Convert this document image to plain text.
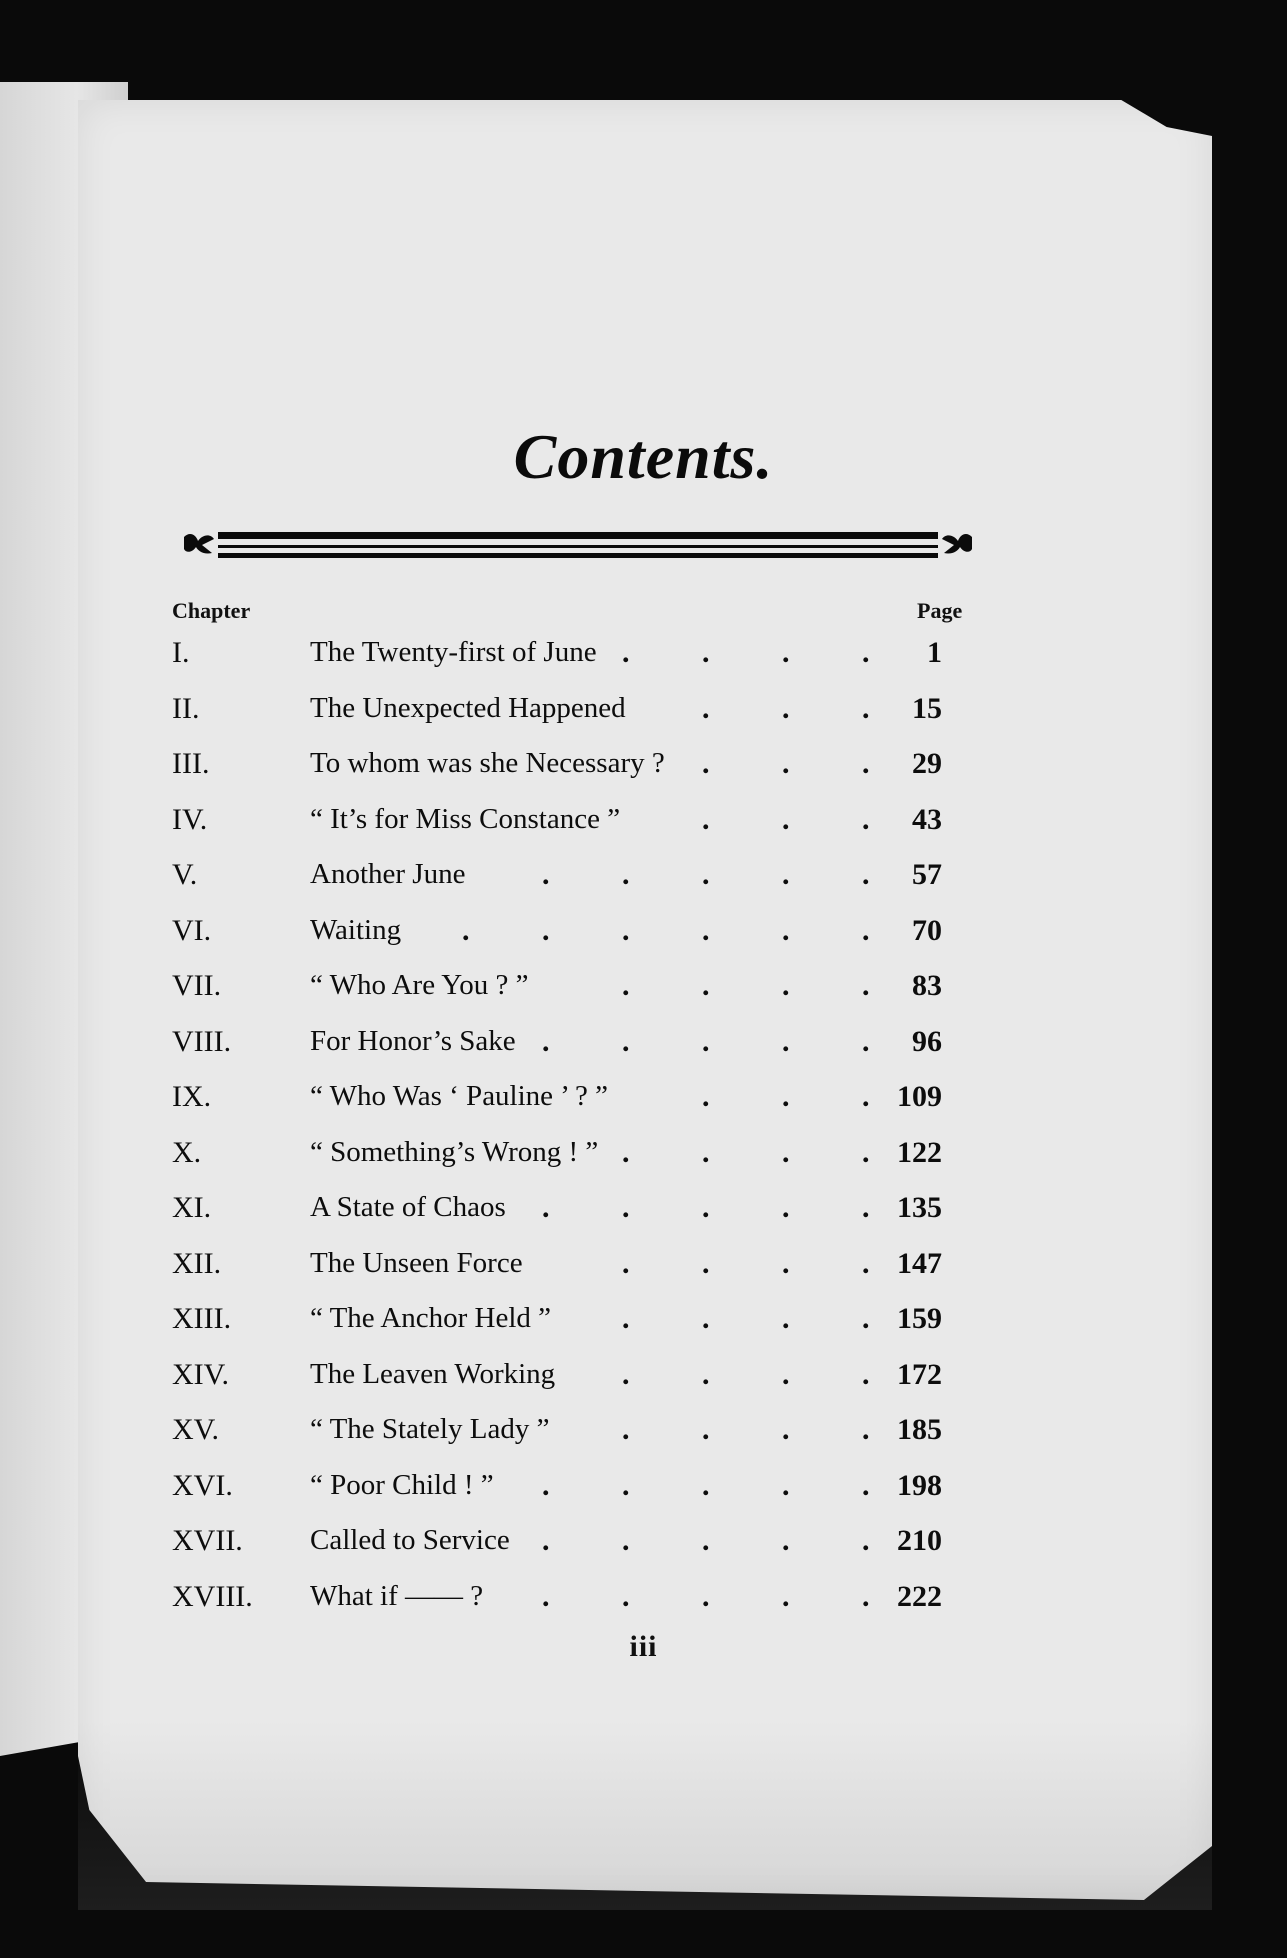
Contents.
Chapter	Page
I.	The Twenty-first of June . . . .	1
II.	The Unexpected Happened	. . .	15
III.	To whom was she Necessary ? . . .	29
IV.	“ It’s for Miss Constance ”	. . .	43
V.	Another June	. . . . .	57
VI.	Waiting . . . . . .	70
VII.	“ Who Are You ? ”	. . . .	83
VIII.	For Honor’s Sake . . . . .	96
IX.	“ Who Was ‘ Pauline ’ ? ”	. . . 109
X.	“ Something’s Wrong ! ” . . . . 122
XI.	A State of Chaos . . . . . 135
XII.	The Unseen Force	. . . . 147
XIII.	“ The Anchor Held ” . . . . 159
XIV.	The Leaven Working . . . . 172
XV.	“ The Stately Lady ” . . . . 185
XVI.	“ Poor Child ! ” . . . . . 198
XVII. Called to Service . . . . . 210
XVIII. What if —— ? . . . . . 222
iii
